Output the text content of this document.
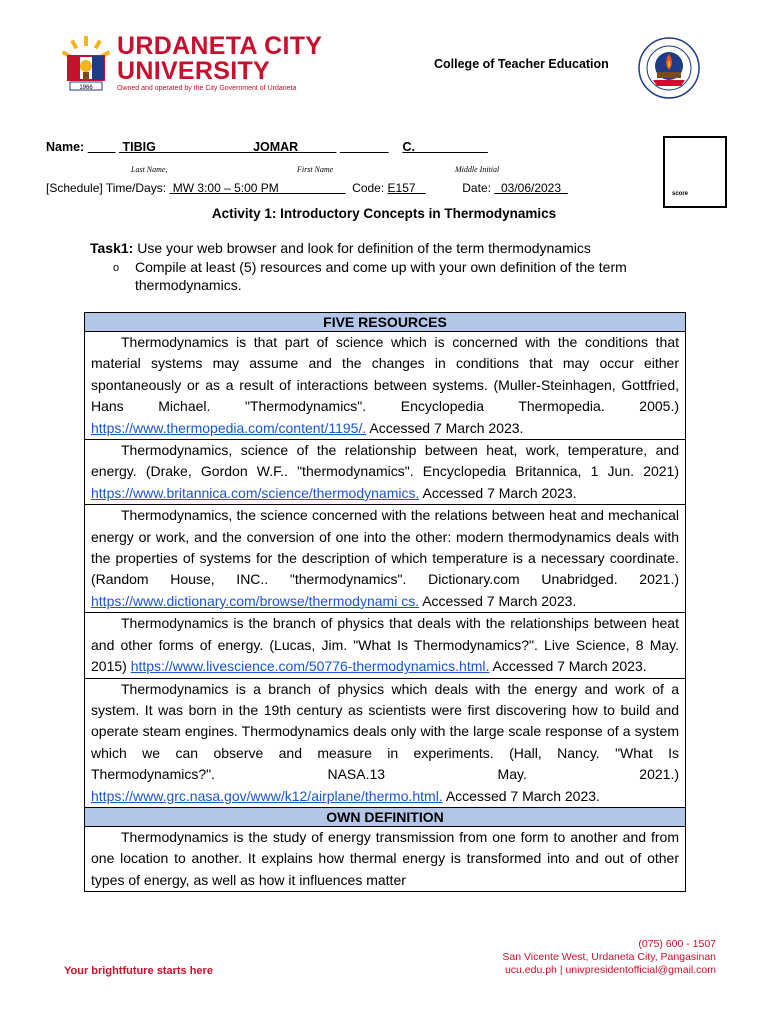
1966
URDANETA CITY
UNIVERSITY
Owned and operated by the City Government of Urdaneta
College of Teacher Education
Name:	TIBIG	JOMAR	C.
Last Name,	First Name	Middle Initial
[Schedule] Time/Days: MW 3:00 – 5:00 PM	Code: E157	Date: 03/06/2023	score
Activity 1: Introductory Concepts in Thermodynamics
Task1: Use your web browser and look for definition of the term thermodynamics
o Compile at least (5) resources and come up with your own definition of the term thermodynamics.
FIVE RESOURCES
Thermodynamics is that part of science which is concerned with the conditions that material systems may assume and the changes in conditions that may occur either spontaneously or as a result of interactions between systems. (Muller-Steinhagen, Gottfried, Hans Michael. "Thermodynamics". Encyclopedia Thermopedia. 2005.) https://www.thermopedia.com/content/1195/. Accessed 7 March 2023.
Thermodynamics, science of the relationship between heat, work, temperature, and energy. (Drake, Gordon W.F.. "thermodynamics". Encyclopedia Britannica, 1 Jun. 2021) https://www.britannica.com/science/thermodynamics. Accessed 7 March 2023.
Thermodynamics, the science concerned with the relations between heat and mechanical energy or work, and the conversion of one into the other: modern thermodynamics deals with the properties of systems for the description of which temperature is a necessary coordinate. (Random House, INC.. "thermodynamics". Dictionary.com Unabridged. 2021.) https://www.dictionary.com/browse/thermodynami cs. Accessed 7 March 2023.
Thermodynamics is the branch of physics that deals with the relationships between heat and other forms of energy. (Lucas, Jim. "What Is Thermodynamics?". Live Science, 8 May. 2015) https://www.livescience.com/50776-thermodynamics.html. Accessed 7 March 2023.
Thermodynamics is a branch of physics which deals with the energy and work of a system. It was born in the 19th century as scientists were first discovering how to build and operate steam engines. Thermodynamics deals only with the large scale response of a system which we can observe and measure in experiments. (Hall, Nancy. "What Is Thermodynamics?". NASA.13 May. 2021.) https://www.grc.nasa.gov/www/k12/airplane/thermo.html. Accessed 7 March 2023.
OWN DEFINITION
Thermodynamics is the study of energy transmission from one form to another and from one location to another. It explains how thermal energy is transformed into and out of other types of energy, as well as how it influences matter
Your brightfuture starts here
(075) 600 - 1507
San Vicente West, Urdaneta City, Pangasinan
ucu.edu.ph | univpresidentofficial@gmail.com
